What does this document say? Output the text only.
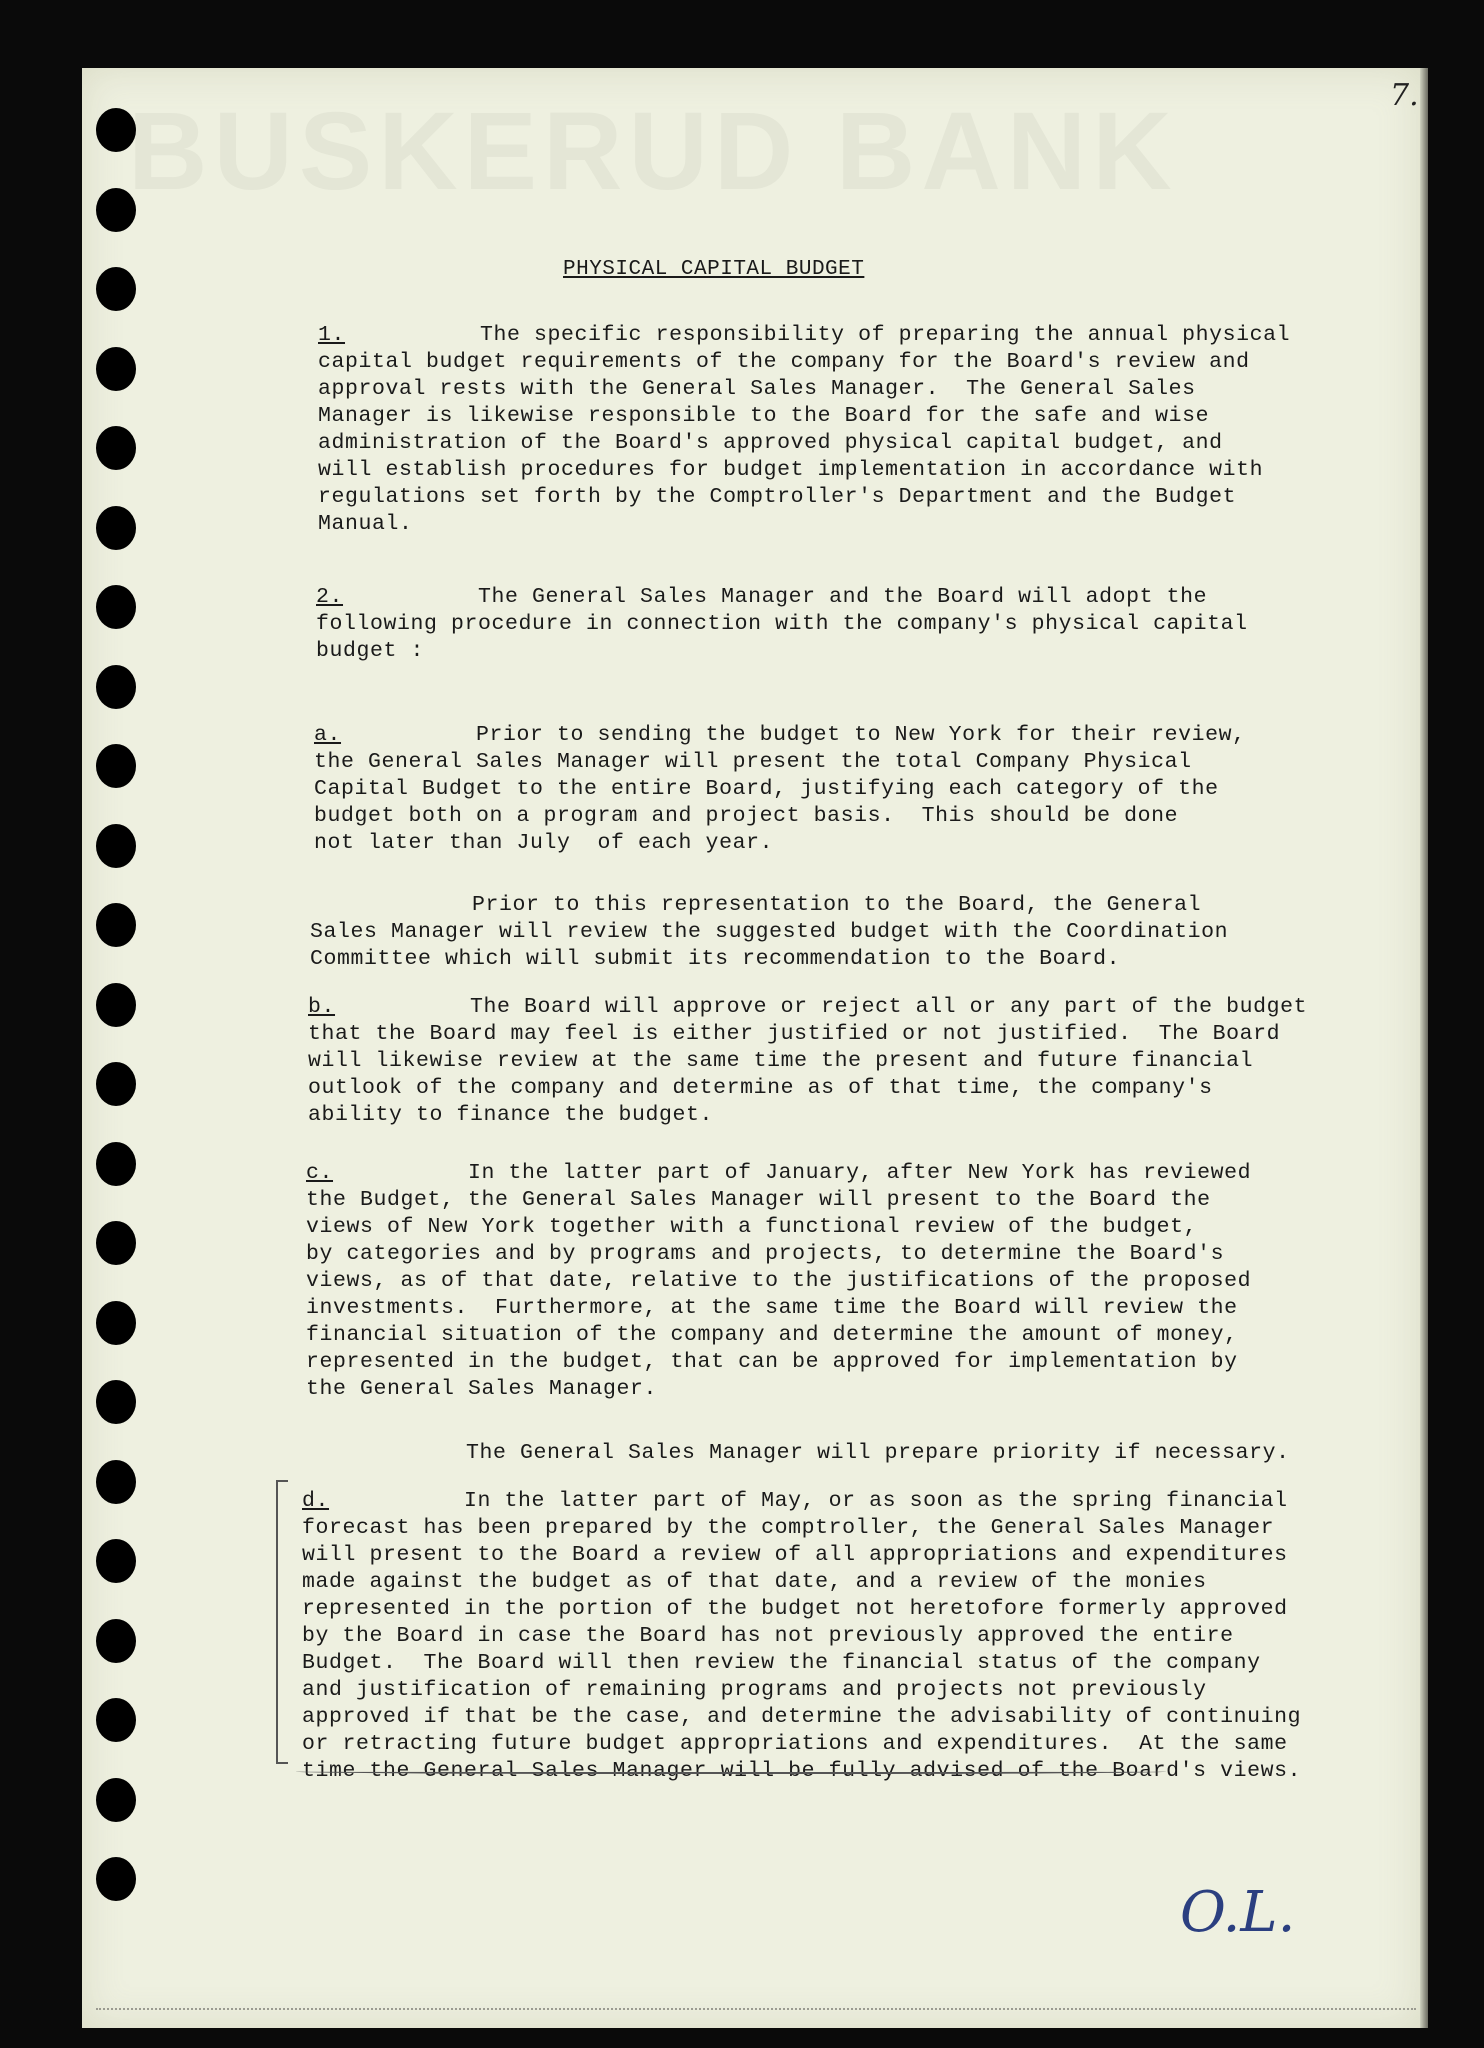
BUSKERUD BANK	7.
PHYSICAL CAPITAL BUDGET

1.	The specific responsibility of preparing the annual physical
capital budget requirements of the company for the Board's review and
approval rests with the General Sales Manager.  The General Sales
Manager is likewise responsible to the Board for the safe and wise
administration of the Board's approved physical capital budget, and
will establish procedures for budget implementation in accordance with
regulations set forth by the Comptroller's Department and the Budget
Manual.

2.	The General Sales Manager and the Board will adopt the
following procedure in connection with the company's physical capital
budget :

a.	Prior to sending the budget to New York for their review,
the General Sales Manager will present the total Company Physical
Capital Budget to the entire Board, justifying each category of the
budget both on a program and project basis.  This should be done
not later than July  of each year.

Prior to this representation to the Board, the General
Sales Manager will review the suggested budget with the Coordination
Committee which will submit its recommendation to the Board.

b.	The Board will approve or reject all or any part of the budget
that the Board may feel is either justified or not justified.  The Board
will likewise review at the same time the present and future financial
outlook of the company and determine as of that time, the company's
ability to finance the budget.

c.	In the latter part of January, after New York has reviewed
the Budget, the General Sales Manager will present to the Board the
views of New York together with a functional review of the budget,
by categories and by programs and projects, to determine the Board's
views, as of that date, relative to the justifications of the proposed
investments.  Furthermore, at the same time the Board will review the
financial situation of the company and determine the amount of money,
represented in the budget, that can be approved for implementation by
the General Sales Manager.

The General Sales Manager will prepare priority if necessary.

d.	In the latter part of May, or as soon as the spring financial
forecast has been prepared by the comptroller, the General Sales Manager
will present to the Board a review of all appropriations and expenditures
made against the budget as of that date, and a review of the monies
represented in the portion of the budget not heretofore formerly approved
by the Board in case the Board has not previously approved the entire
Budget.  The Board will then review the financial status of the company
and justification of remaining programs and projects not previously
approved if that be the case, and determine the advisability of continuing
or retracting future budget appropriations and expenditures.  At the same
time the General Sales Manager will be fully advised of the Board's views.

O.L.
